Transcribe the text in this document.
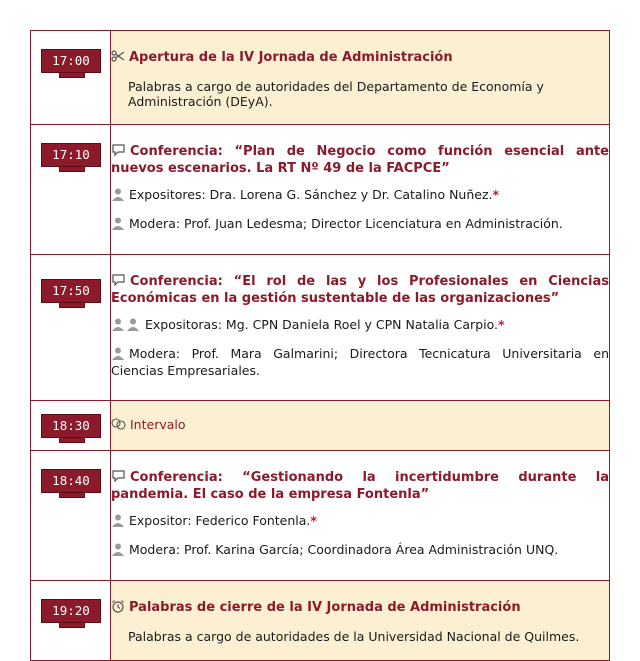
17:00	Apertura de la IV Jornada de Administración

Palabras a cargo de autoridades del Departamento de Economía y Administración (DEyA).

17:10	Conferencia: “Plan de Negocio como función esencial ante nuevos escenarios. La RT Nº 49 de la FACPCE”

Expositores: Dra. Lorena G. Sánchez y Dr. Catalino Nuñez.*

Modera: Prof. Juan Ledesma; Director Licenciatura en Administración.

17:50	Conferencia: “El rol de las y los Profesionales en Ciencias Económicas en la gestión sustentable de las organizaciones”

Expositoras: Mg. CPN Daniela Roel y CPN Natalia Carpio.*

Modera: Prof. Mara Galmarini; Directora Tecnicatura Universitaria en Ciencias Empresariales.

18:30	Intervalo

18:40	Conferencia: “Gestionando la incertidumbre durante la pandemia. El caso de la empresa Fontenla”

Expositor: Federico Fontenla.*

Modera: Prof. Karina García; Coordinadora Área Administración UNQ.

19:20	Palabras de cierre de la IV Jornada de Administración

Palabras a cargo de autoridades de la Universidad Nacional de Quilmes.
